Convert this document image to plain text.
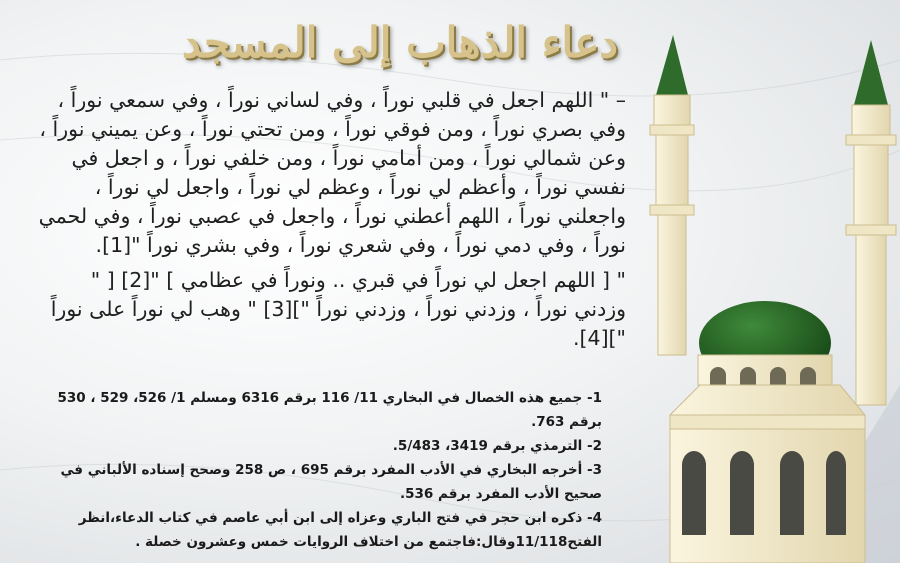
دعاء الذهاب إلى المسجد

– " اللهم اجعل في قلبي نوراً ، وفي لساني نوراً ، وفي سمعي نوراً ، وفي بصري نوراً ، ومن فوقي نوراً ، ومن تحتي نوراً ، وعن يميني نوراً ، وعن شمالي نوراً ، ومن أمامي نوراً ، ومن خلفي نوراً ، و اجعل في نفسي نوراً ، وأعظم لي نوراً ، وعظم لي نوراً ، واجعل لي نوراً ، واجعلني نوراً ، اللهم أعطني نوراً ، واجعل في عصبي نوراً ، وفي لحمي نوراً ، وفي دمي نوراً ، وفي شعري نوراً ، وفي بشري نوراً "[1].

" [ اللهم اجعل لي نوراً في قبري .. ونوراً في عظامي ] "[2] [ " وزدني نوراً ، وزدني نوراً ، وزدني نوراً "][3] " وهب لي نوراً على نوراً "][4].

1- جميع هذه الخصال في البخاري 11/ 116 برقم 6316 ومسلم 1/ 526، 529 ، 530 برقم 763.

2- الترمذي برقم 3419، 5/483.

3- أخرجه البخاري في الأدب المفرد برقم 695 ، ص 258 وصحح إسناده الألباني في صحيح الأدب المفرد برقم 536.

4- ذكره ابن حجر في فتح الباري وعزاه إلى ابن أبي عاصم في كتاب الدعاء،انظر الفتح11/118وقال:فاجتمع من اختلاف الروايات خمس وعشرون خصلة .
